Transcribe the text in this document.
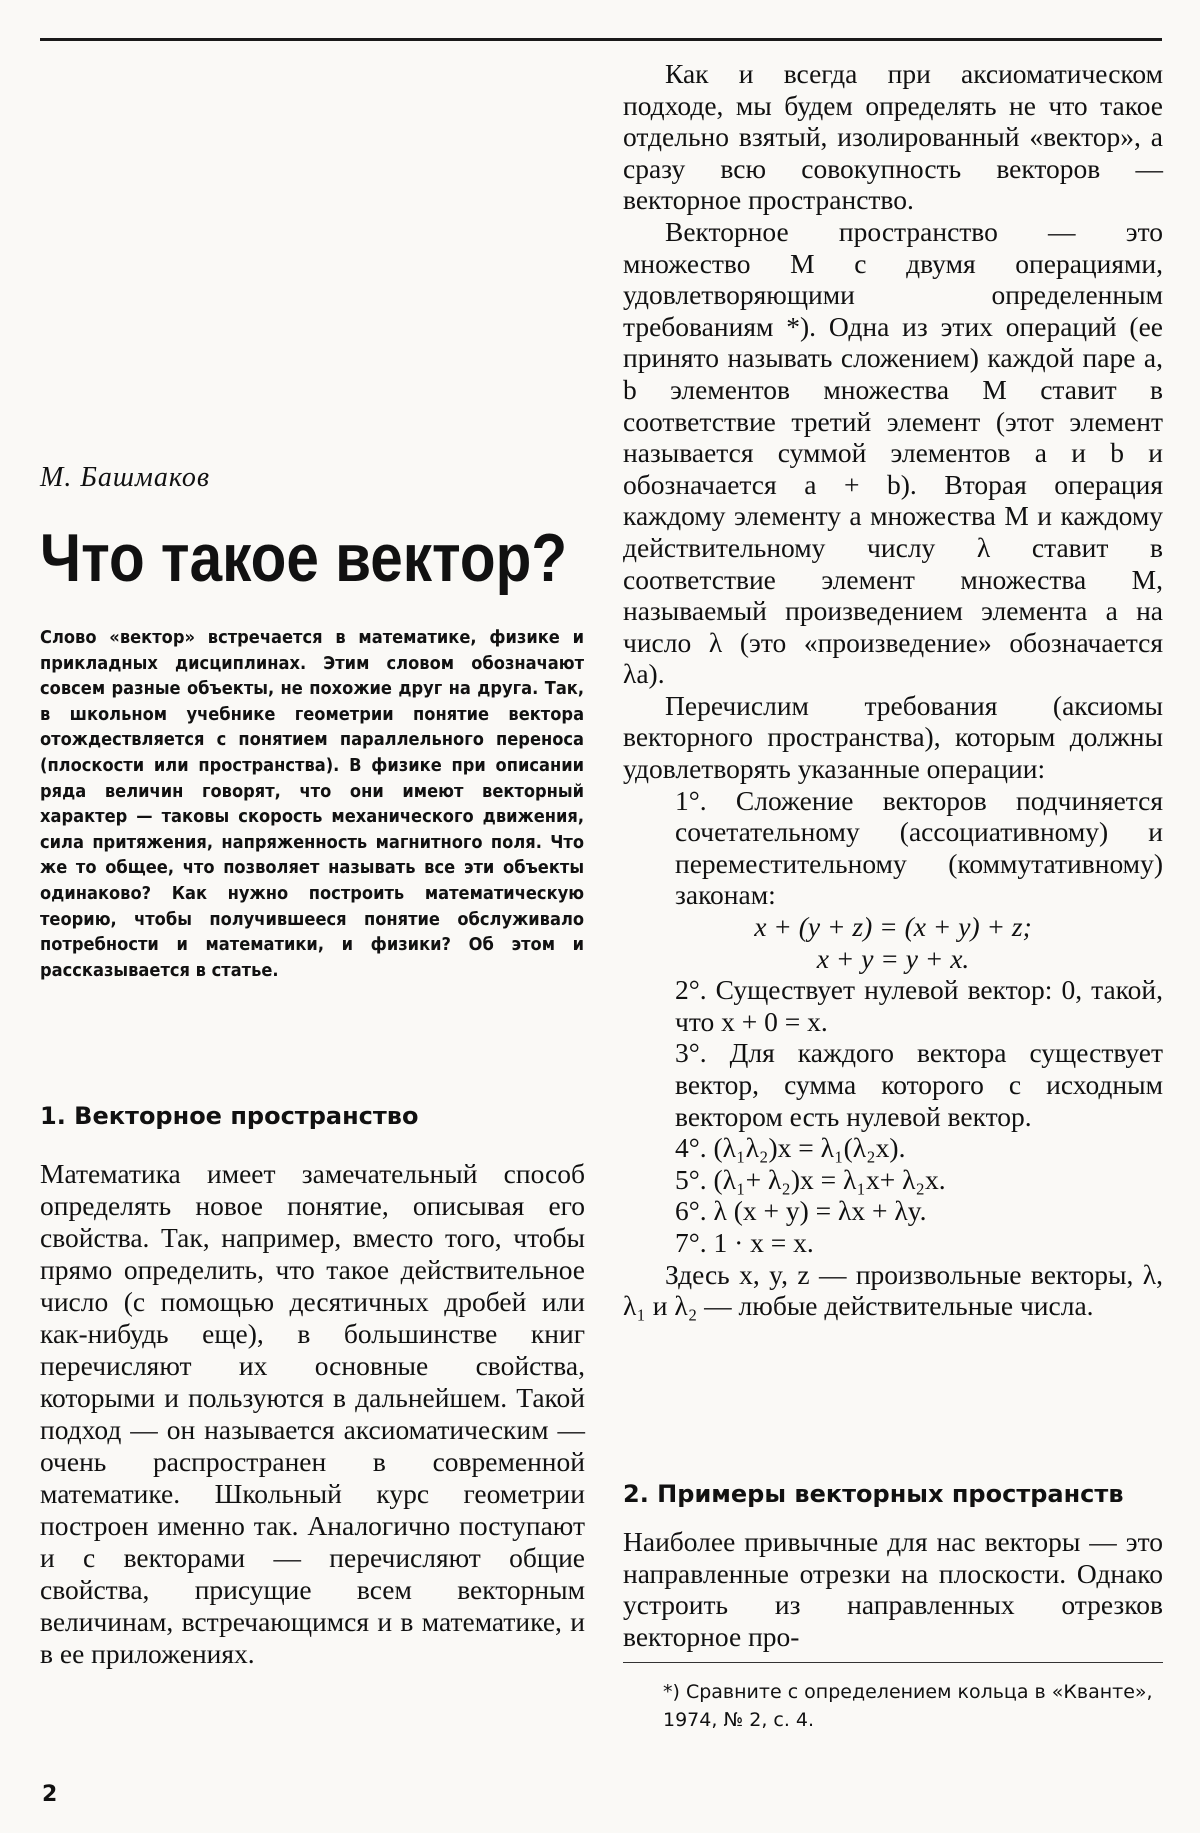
М. Башмаков
Что такое вектор?
Слово «вектор» встречается в математике, физике и прикладных дисциплинах. Этим словом обозначают совсем разные объекты, не похожие друг на друга. Так, в школьном учебнике геометрии понятие вектора отождествляется с понятием параллельного переноса (плоскости или пространства). В физике при описании ряда величин говорят, что они имеют векторный характер — таковы скорость механического движения, сила притяжения, напряженность магнитного поля. Что же то общее, что позволяет называть все эти объекты одинаково? Как нужно построить математическую теорию, чтобы получившееся понятие обслуживало потребности и математики, и физики? Об этом и рассказывается в статье.
1. Векторное пространство
Математика имеет замечательный способ определять новое понятие, описывая его свойства. Так, например, вместо того, чтобы прямо определить, что такое действительное число (с помощью десятичных дробей или как-нибудь еще), в большинстве книг перечисляют их основные свойства, которыми и пользуются в дальнейшем. Такой подход — он называется аксиоматическим — очень распространен в современной математике. Школьный курс геометрии построен именно так. Аналогично поступают и с векторами — перечисляют общие свойства, присущие всем векторным величинам, встречающимся и в математике, и в ее приложениях.

Как и всегда при аксиоматическом подходе, мы будем определять не что такое отдельно взятый, изолированный «вектор», а сразу всю совокупность векторов — векторное пространство.

Векторное пространство — это множество M с двумя операциями, удовлетворяющими определенным требованиям *). Одна из этих операций (ее принято называть сложением) каждой паре a, b элементов множества M ставит в соответствие третий элемент (этот элемент называется суммой элементов a и b и обозначается a + b). Вторая операция каждому элементу a множества M и каждому действительному числу λ ставит в соответствие элемент множества M, называемый произведением элемента a на число λ (это «произведение» обозначается λa).

Перечислим требования (аксиомы векторного пространства), которым должны удовлетворять указанные операции:

1°. Сложение векторов подчиняется сочетательному (ассоциативному) и переместительному (коммутативному) законам:

x + (y + z) = (x + y) + z;

x + y = y + x.

2°. Существует нулевой вектор: 0, такой, что x + 0 = x.

3°. Для каждого вектора существует вектор, сумма которого с исходным вектором есть нулевой вектор.

4°. (λ₁λ₂)x = λ₁(λ₂x).

5°. (λ₁+ λ₂)x = λ₁x+ λ₂x.

6°. λ (x + y) = λx + λy.

7°. 1 · x = x.

Здесь x, y, z — произвольные векторы, λ, λ₁ и λ₂ — любые действительные числа.

2. Примеры векторных пространств
Наиболее привычные для нас векторы — это направленные отрезки на плоскости. Однако устроить из направленных отрезков векторное про-
*) Сравните с определением кольца в «Кванте», 1974, № 2, с. 4.
2
